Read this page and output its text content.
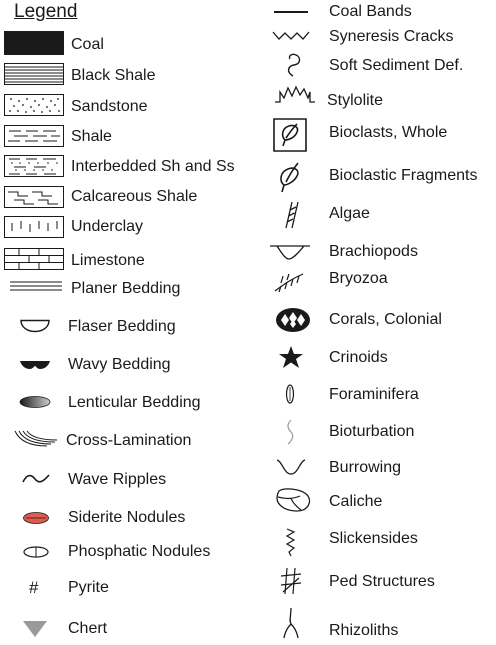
Legend
Coal
Black Shale
Sandstone
Shale
Interbedded Sh and Ss
Calcareous Shale
Underclay
Limestone
Planer Bedding
Flaser Bedding
Wavy Bedding
Lenticular Bedding
Cross-Lamination
Wave Ripples
Siderite Nodules
Phosphatic Nodules
# Pyrite
Chert
Coal Bands
Syneresis Cracks
Soft Sediment Def.
Stylolite
Bioclasts, Whole
Bioclastic Fragments
Algae
Brachiopods
Bryozoa
Corals, Colonial
Crinoids
Foraminifera
Bioturbation
Burrowing
Caliche
Slickensides
Ped Structures
Rhizoliths
